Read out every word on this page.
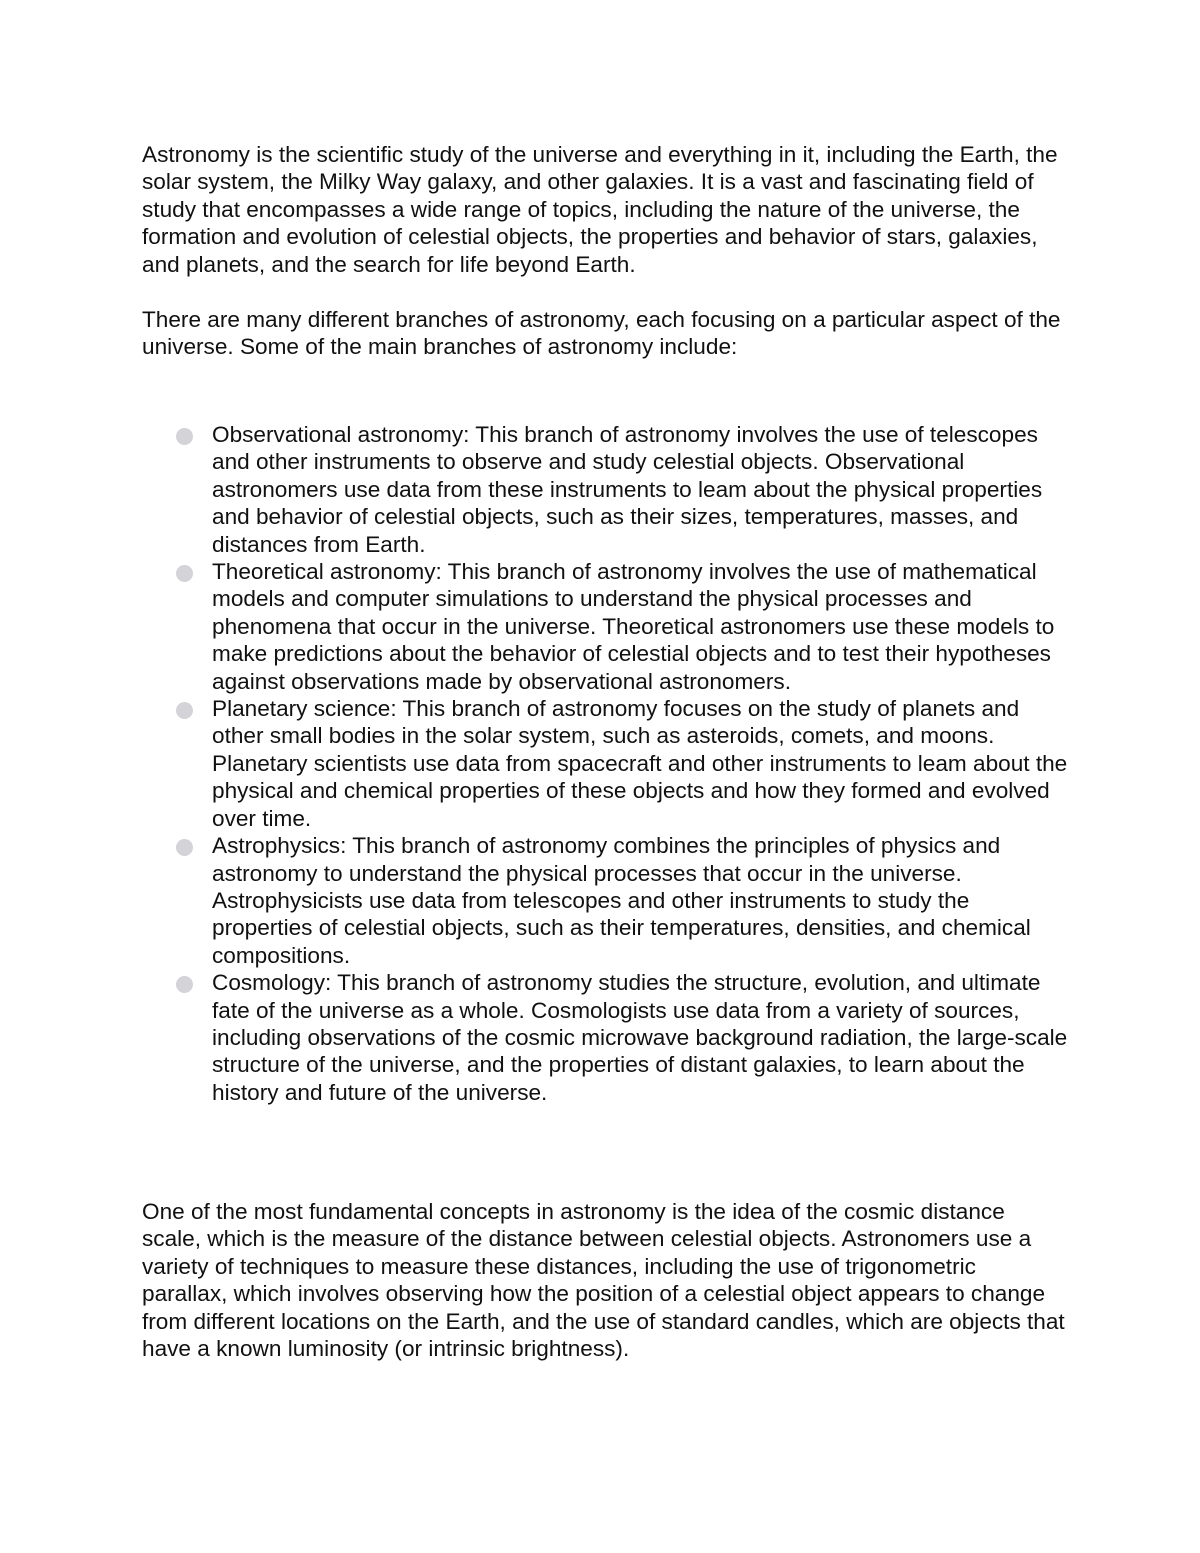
Astronomy is the scientific study of the universe and everything in it, including the Earth, the solar system, the Milky Way galaxy, and other galaxies. It is a vast and fascinating field of study that encompasses a wide range of topics, including the nature of the universe, the formation and evolution of celestial objects, the properties and behavior of stars, galaxies, and planets, and the search for life beyond Earth.

There are many different branches of astronomy, each focusing on a particular aspect of the universe. Some of the main branches of astronomy include:

Observational astronomy: This branch of astronomy involves the use of telescopes and other instruments to observe and study celestial objects. Observational astronomers use data from these instruments to leam about the physical properties and behavior of celestial objects, such as their sizes, temperatures, masses, and distances from Earth.
Theoretical astronomy: This branch of astronomy involves the use of mathematical models and computer simulations to understand the physical processes and phenomena that occur in the universe. Theoretical astronomers use these models to make predictions about the behavior of celestial objects and to test their hypotheses against observations made by observational astronomers.
Planetary science: This branch of astronomy focuses on the study of planets and other small bodies in the solar system, such as asteroids, comets, and moons. Planetary scientists use data from spacecraft and other instruments to leam about the physical and chemical properties of these objects and how they formed and evolved over time.
Astrophysics: This branch of astronomy combines the principles of physics and astronomy to understand the physical processes that occur in the universe. Astrophysicists use data from telescopes and other instruments to study the properties of celestial objects, such as their temperatures, densities, and chemical compositions.
Cosmology: This branch of astronomy studies the structure, evolution, and ultimate fate of the universe as a whole. Cosmologists use data from a variety of sources, including observations of the cosmic microwave background radiation, the large-scale structure of the universe, and the properties of distant galaxies, to learn about the history and future of the universe.

One of the most fundamental concepts in astronomy is the idea of the cosmic distance scale, which is the measure of the distance between celestial objects. Astronomers use a variety of techniques to measure these distances, including the use of trigonometric parallax, which involves observing how the position of a celestial object appears to change from different locations on the Earth, and the use of standard candles, which are objects that have a known luminosity (or intrinsic brightness).
